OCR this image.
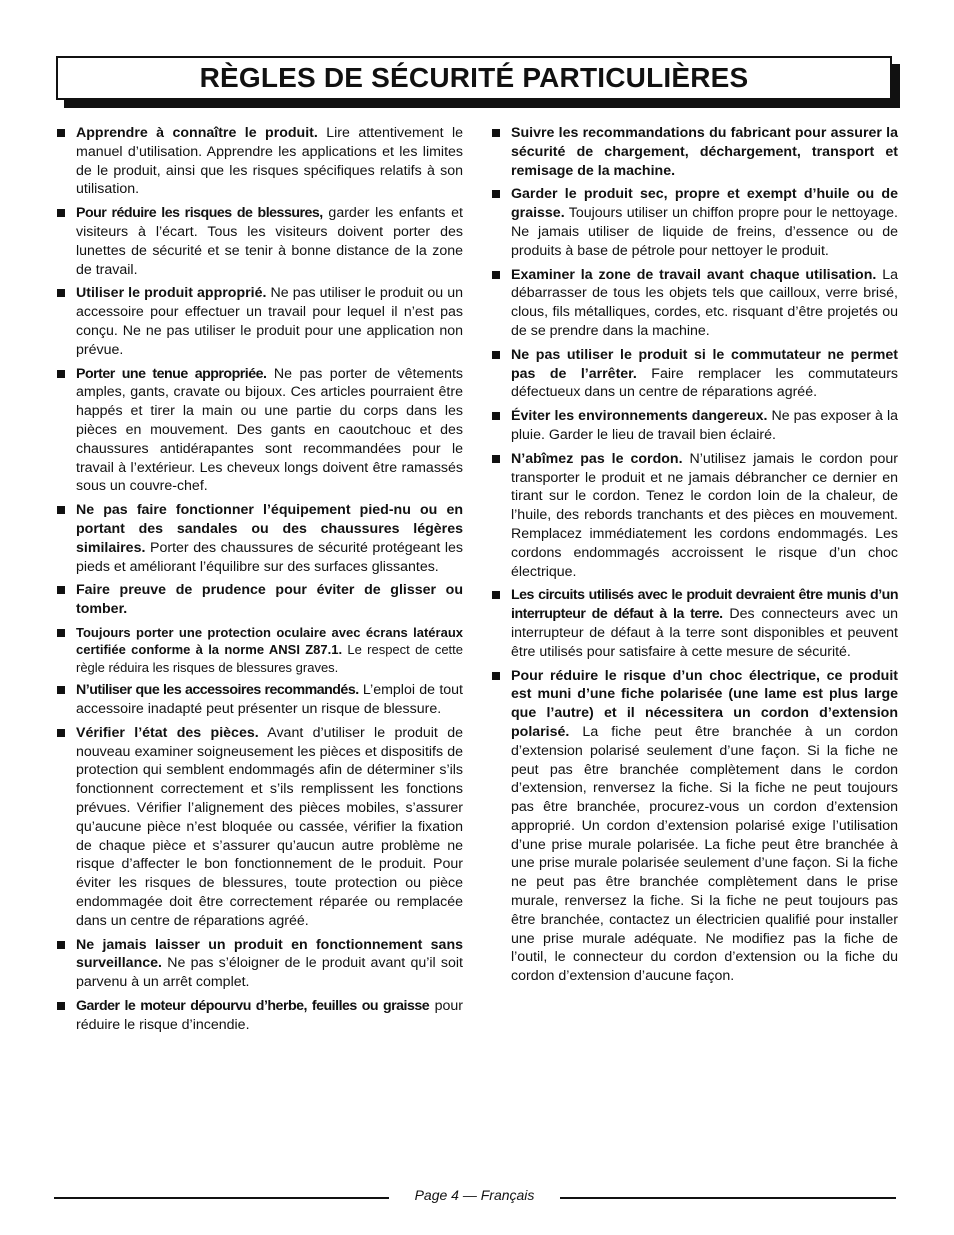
RÈGLES DE SÉCURITÉ PARTICULIÈRES
Apprendre à connaître le produit. Lire attentivement le manuel d’utilisation. Apprendre les applications et les limites de le produit, ainsi que les risques spécifiques relatifs à son utilisation.
Pour réduire les risques de blessures, garder les enfants et visiteurs à l’écart. Tous les visiteurs doivent porter des lunettes de sécurité et se tenir à bonne distance de la zone de travail.
Utiliser le produit approprié. Ne pas utiliser le produit ou un accessoire pour effectuer un travail pour lequel il n’est pas conçu. Ne ne pas utiliser le produit pour une application non prévue.
Porter une tenue appropriée. Ne pas porter de vêtements amples, gants, cravate ou bijoux. Ces articles pourraient être happés et tirer la main ou une partie du corps dans les pièces en mouvement. Des gants en caoutchouc et des chaussures antidérapantes sont recommandées pour le travail à l’extérieur. Les cheveux longs doivent être ramassés sous un couvre-chef.
Ne pas faire fonctionner l’équipement pied-nu ou en portant des sandales ou des chaussures légères similaires. Porter des chaussures de sécurité protégeant les pieds et améliorant l’équilibre sur des surfaces glissantes.
Faire preuve de prudence pour éviter de glisser ou tomber.
Toujours porter une protection oculaire avec écrans latéraux certifiée conforme à la norme ANSI Z87.1. Le respect de cette règle réduira les risques de blessures graves.
N’utiliser que les accessoires recommandés. L’emploi de tout accessoire inadapté peut présenter un risque de blessure.
Vérifier l’état des pièces. Avant d’utiliser le produit de nouveau examiner soigneusement les pièces et dispositifs de protection qui semblent endommagés afin de déterminer s’ils fonctionnent correctement et s’ils remplissent les fonctions prévues. Vérifier l’alignement des pièces mobiles, s’assurer qu’aucune pièce n’est bloquée ou cassée, vérifier la fixation de chaque pièce et s’assurer qu’aucun autre problème ne risque d’affecter le bon fonctionnement de le produit. Pour éviter les risques de blessures, toute protection ou pièce endommagée doit être correctement réparée ou remplacée dans un centre de réparations agréé.
Ne jamais laisser un produit en fonctionnement sans surveillance. Ne pas s’éloigner de le produit avant qu’il soit parvenu à un arrêt complet.
Garder le moteur dépourvu d’herbe, feuilles ou graisse pour réduire le risque d’incendie.
Suivre les recommandations du fabricant pour assurer la sécurité de chargement, déchargement, transport et remisage de la machine.
Garder le produit sec, propre et exempt d’huile ou de graisse. Toujours utiliser un chiffon propre pour le nettoyage. Ne jamais utiliser de liquide de freins, d’essence ou de produits à base de pétrole pour nettoyer le produit.
Examiner la zone de travail avant chaque utilisation. La débarrasser de tous les objets tels que cailloux, verre brisé, clous, fils métalliques, cordes, etc. risquant d’être projetés ou de se prendre dans la machine.
Ne pas utiliser le produit si le commutateur ne permet pas de l’arrêter. Faire remplacer les commutateurs défectueux dans un centre de réparations agréé.
Éviter les environnements dangereux. Ne pas exposer à la pluie. Garder le lieu de travail bien éclairé.
N’abîmez pas le cordon. N’utilisez jamais le cordon pour transporter le produit et ne jamais débrancher ce dernier en tirant sur le cordon. Tenez le cordon loin de la chaleur, de l’huile, des rebords tranchants et des pièces en mouvement. Remplacez immédiatement les cordons endommagés. Les cordons endommagés accroissent le risque d’un choc électrique.
Les circuits utilisés avec le produit devraient être munis d’un interrupteur de défaut à la terre. Des connecteurs avec un interrupteur de défaut à la terre sont disponibles et peuvent être utilisés pour satisfaire à cette mesure de sécurité.
Pour réduire le risque d’un choc électrique, ce produit est muni d’une fiche polarisée (une lame est plus large que l’autre) et il nécessitera un cordon d’extension polarisé. La fiche peut être branchée à un cordon d’extension polarisé seulement d’une façon. Si la fiche ne peut pas être branchée complètement dans le cordon d’extension, renversez la fiche. Si la fiche ne peut toujours pas être branchée, procurez-vous un cordon d’extension approprié. Un cordon d’extension polarisé exige l’utilisation d’une prise murale polarisée. La fiche peut être branchée à une prise murale polarisée seulement d’une façon. Si la fiche ne peut pas être branchée complètement dans le prise murale, renversez la fiche. Si la fiche ne peut toujours pas être branchée, contactez un électricien qualifié pour installer une prise murale adéquate. Ne modifiez pas la fiche de l’outil, le connecteur du cordon d’extension ou la fiche du cordon d’extension d’aucune façon.
Page 4 — Français
